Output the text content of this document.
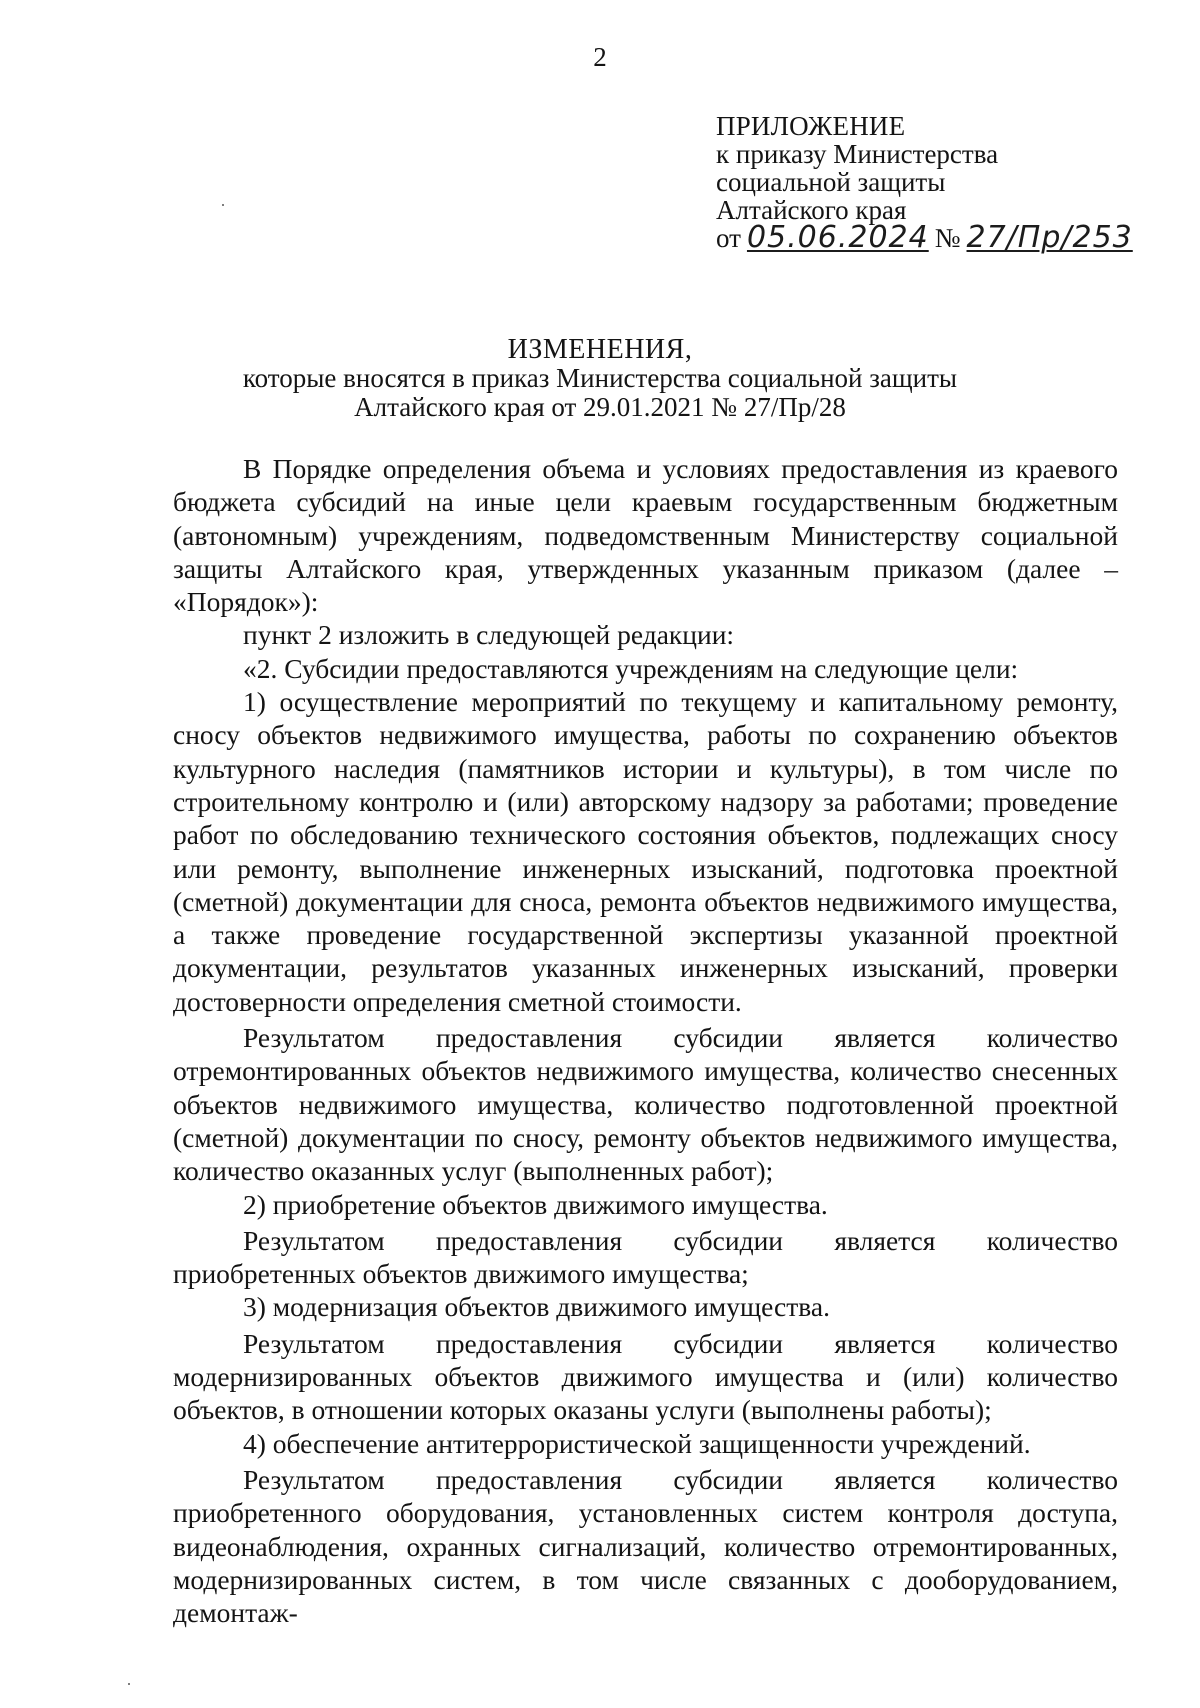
2
ПРИЛОЖЕНИЕ
к приказу Министерства
социальной защиты
Алтайского края
от 05.06.2024 № 27/Пр/253
ИЗМЕНЕНИЯ,
которые вносятся в приказ Министерства социальной защиты
Алтайского края от 29.01.2021 № 27/Пр/28

В Порядке определения объема и условиях предоставления из краевого бюджета субсидий на иные цели краевым государственным бюджетным (автономным) учреждениям, подведомственным Министерству социальной защиты Алтайского края, утвержденных указанным приказом (далее – «Порядок»):

пункт 2 изложить в следующей редакции:

«2. Субсидии предоставляются учреждениям на следующие цели:

1) осуществление мероприятий по текущему и капитальному ремонту, сносу объектов недвижимого имущества, работы по сохранению объектов культурного наследия (памятников истории и культуры), в том числе по строительному контролю и (или) авторскому надзору за работами; проведение работ по обследованию технического состояния объектов, подлежащих сносу или ремонту, выполнение инженерных изысканий, подготовка проектной (сметной) документации для сноса, ремонта объектов недвижимого имущества, а также проведение государственной экспертизы указанной проектной документации, результатов указанных инженерных изысканий, проверки достоверности определения сметной стоимости.

Результатом предоставления субсидии является количество отремонтированных объектов недвижимого имущества, количество снесенных объектов недвижимого имущества, количество подготовленной проектной (сметной) документации по сносу, ремонту объектов недвижимого имущества, количество оказанных услуг (выполненных работ);

2) приобретение объектов движимого имущества.

Результатом предоставления субсидии является количество приобретенных объектов движимого имущества;

3) модернизация объектов движимого имущества.

Результатом предоставления субсидии является количество модернизированных объектов движимого имущества и (или) количество объектов, в отношении которых оказаны услуги (выполнены работы);

4) обеспечение антитеррористической защищенности учреждений.

Результатом предоставления субсидии является количество приобретенного оборудования, установленных систем контроля доступа, видеонаблюдения, охранных сигнализаций, количество отремонтированных, модернизированных систем, в том числе связанных с дооборудованием, демонтаж-
